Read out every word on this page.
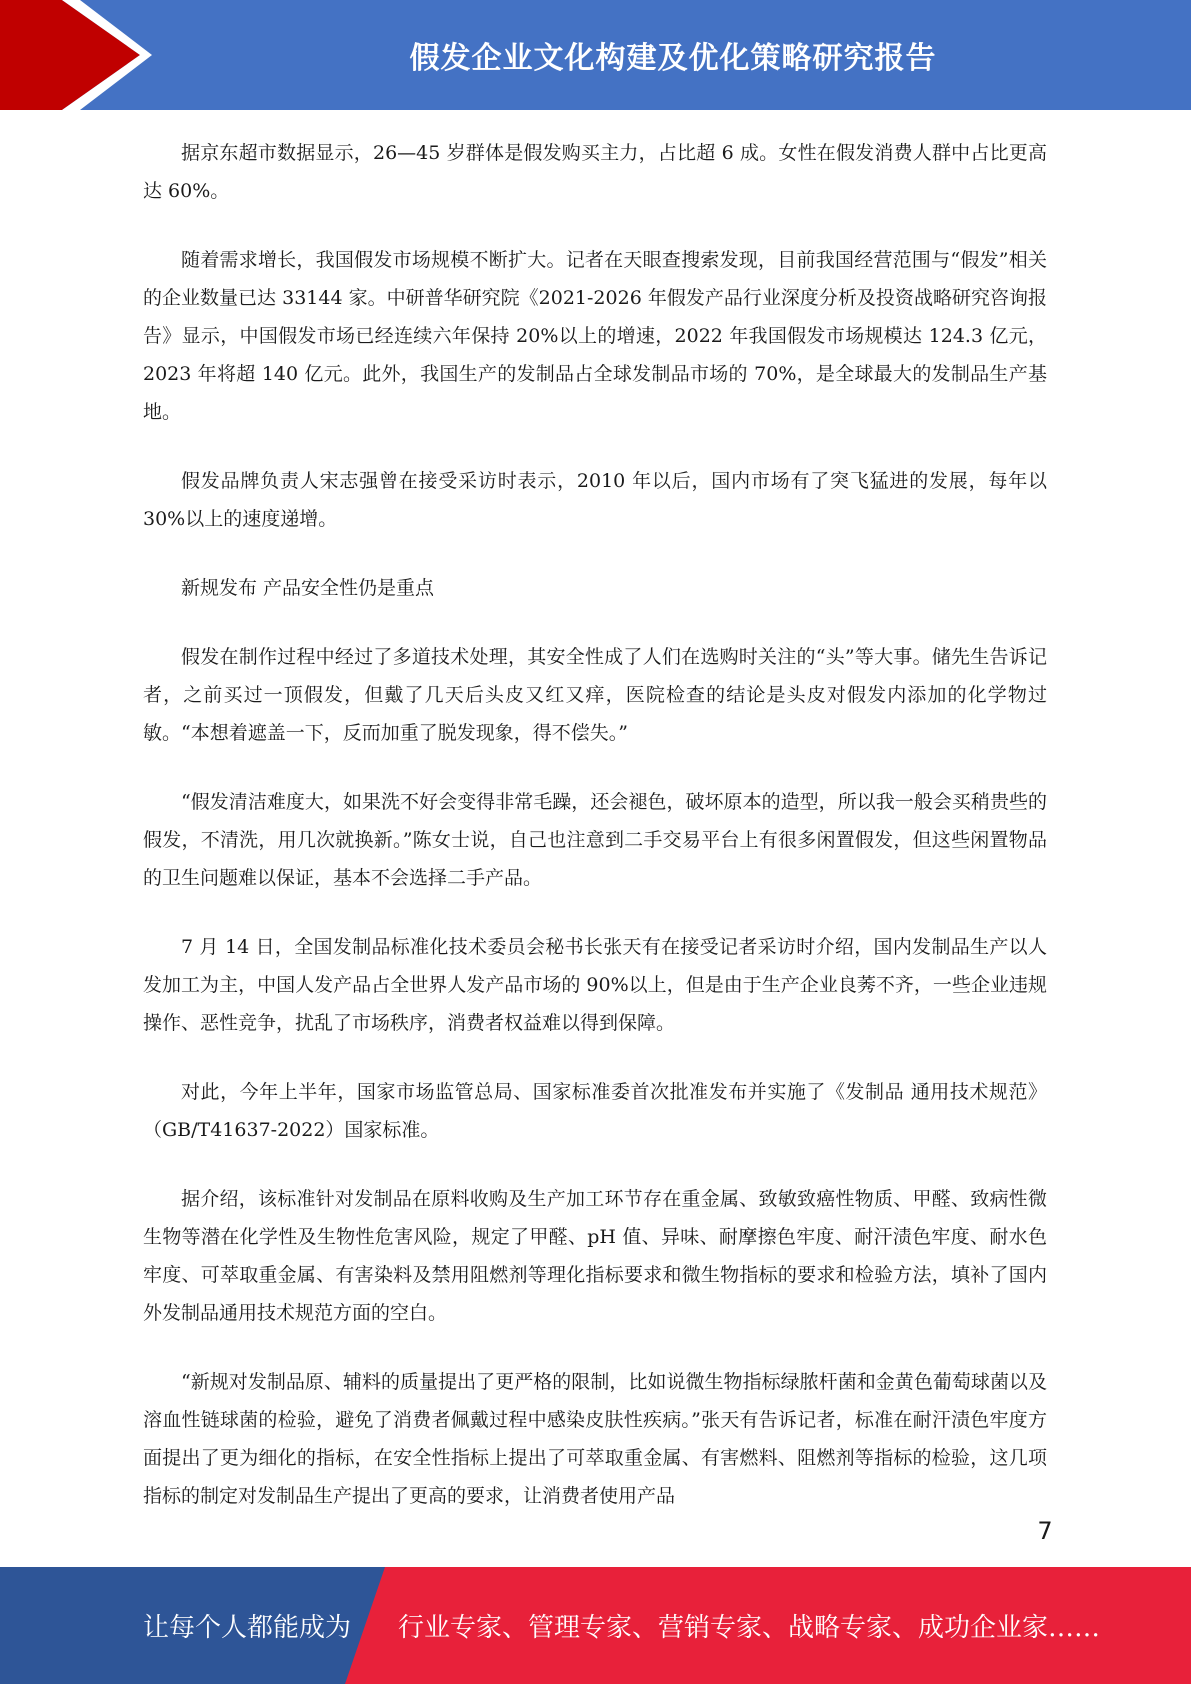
假发企业文化构建及优化策略研究报告

据京东超市数据显示，26—45 岁群体是假发购买主力，占比超 6 成。女性在假发消费人群中占比更高达 60%。

随着需求增长，我国假发市场规模不断扩大。记者在天眼查搜索发现，目前我国经营范围与“假发”相关的企业数量已达 33144 家。中研普华研究院《2021-2026 年假发产品行业深度分析及投资战略研究咨询报告》显示，中国假发市场已经连续六年保持 20%以上的增速，2022 年我国假发市场规模达 124.3 亿元，2023 年将超 140 亿元。此外，我国生产的发制品占全球发制品市场的 70%，是全球最大的发制品生产基地。

假发品牌负责人宋志强曾在接受采访时表示，2010 年以后，国内市场有了突飞猛进的发展，每年以 30%以上的速度递增。

新规发布 产品安全性仍是重点

假发在制作过程中经过了多道技术处理，其安全性成了人们在选购时关注的“头”等大事。储先生告诉记者，之前买过一顶假发，但戴了几天后头皮又红又痒，医院检查的结论是头皮对假发内添加的化学物过敏。“本想着遮盖一下，反而加重了脱发现象，得不偿失。”

“假发清洁难度大，如果洗不好会变得非常毛躁，还会褪色，破坏原本的造型，所以我一般会买稍贵些的假发，不清洗，用几次就换新。”陈女士说，自己也注意到二手交易平台上有很多闲置假发，但这些闲置物品的卫生问题难以保证，基本不会选择二手产品。

7 月 14 日，全国发制品标准化技术委员会秘书长张天有在接受记者采访时介绍，国内发制品生产以人发加工为主，中国人发产品占全世界人发产品市场的 90%以上，但是由于生产企业良莠不齐，一些企业违规操作、恶性竞争，扰乱了市场秩序，消费者权益难以得到保障。

对此，今年上半年，国家市场监管总局、国家标准委首次批准发布并实施了《发制品 通用技术规范》（GB/T41637-2022）国家标准。

据介绍，该标准针对发制品在原料收购及生产加工环节存在重金属、致敏致癌性物质、甲醛、致病性微生物等潜在化学性及生物性危害风险，规定了甲醛、pH 值、异味、耐摩擦色牢度、耐汗渍色牢度、耐水色牢度、可萃取重金属、有害染料及禁用阻燃剂等理化指标要求和微生物指标的要求和检验方法，填补了国内外发制品通用技术规范方面的空白。

“新规对发制品原、辅料的质量提出了更严格的限制，比如说微生物指标绿脓杆菌和金黄色葡萄球菌以及溶血性链球菌的检验，避免了消费者佩戴过程中感染皮肤性疾病。”张天有告诉记者，标准在耐汗渍色牢度方面提出了更为细化的指标，在安全性指标上提出了可萃取重金属、有害燃料、阻燃剂等指标的检验，这几项指标的制定对发制品生产提出了更高的要求，让消费者使用产品

7
让每个人都能成为 行业专家、管理专家、营销专家、战略专家、成功企业家……
